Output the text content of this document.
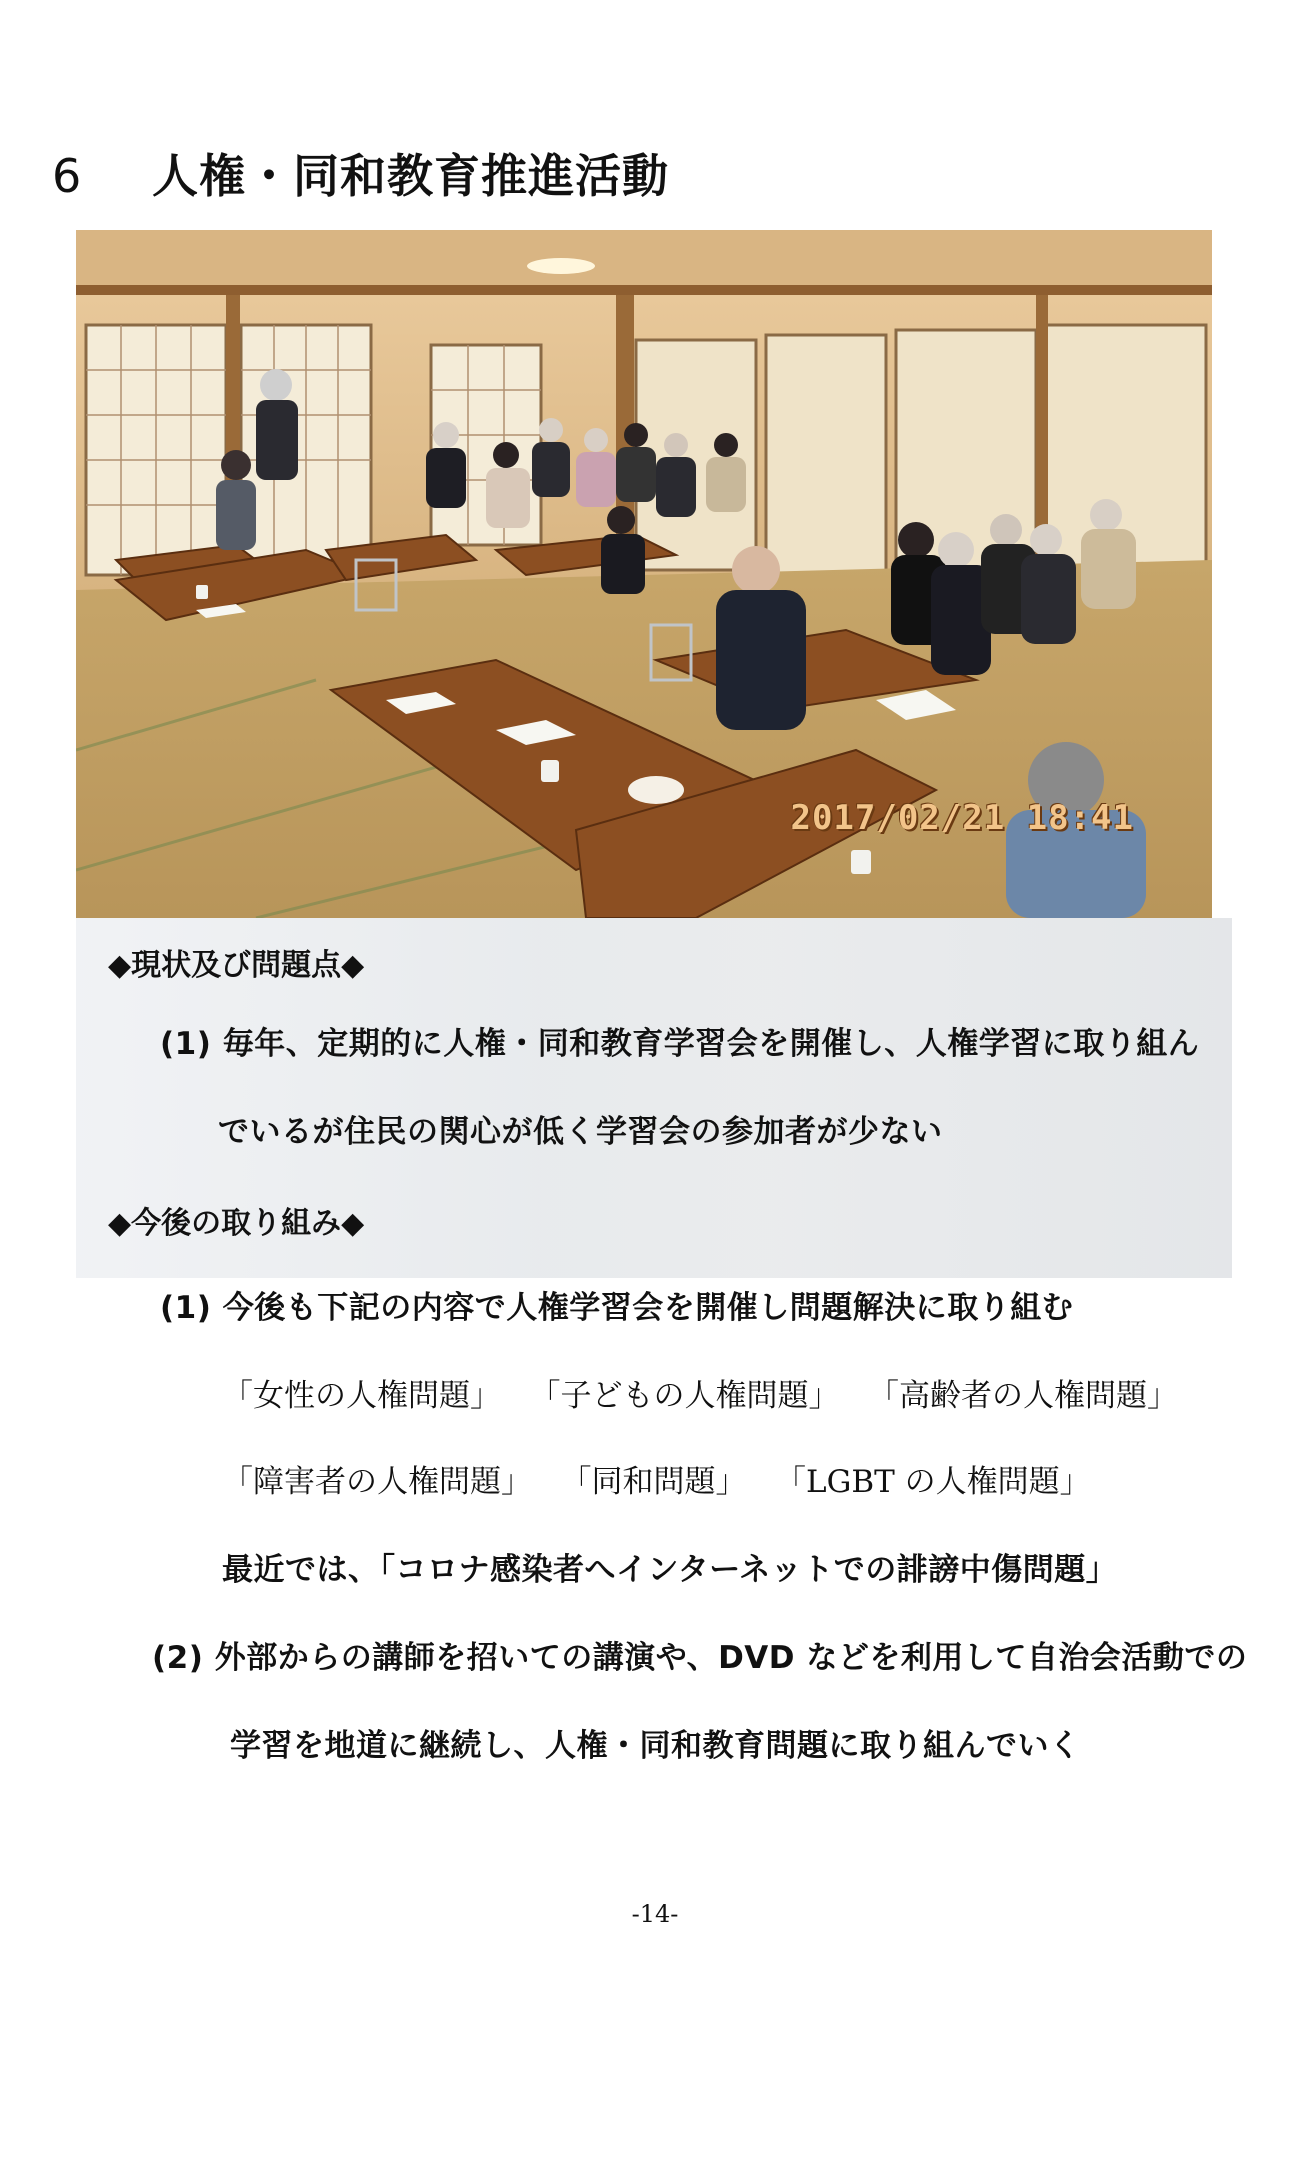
6 人権・同和教育推進活動
2017/02/21 18:41
◆現状及び問題点◆
(1) 毎年、定期的に人権・同和教育学習会を開催し、人権学習に取り組ん
でいるが住民の関心が低く学習会の参加者が少ない
◆今後の取り組み◆
(1) 今後も下記の内容で人権学習会を開催し問題解決に取り組む
「女性の人権問題」 「子どもの人権問題」 「高齢者の人権問題」
「障害者の人権問題」 「同和問題」 「LGBT の人権問題」
最近では、「コロナ感染者へインターネットでの誹謗中傷問題」
(2) 外部からの講師を招いての講演や、DVD などを利用して自治会活動での
学習を地道に継続し、人権・同和教育問題に取り組んでいく
-14-
